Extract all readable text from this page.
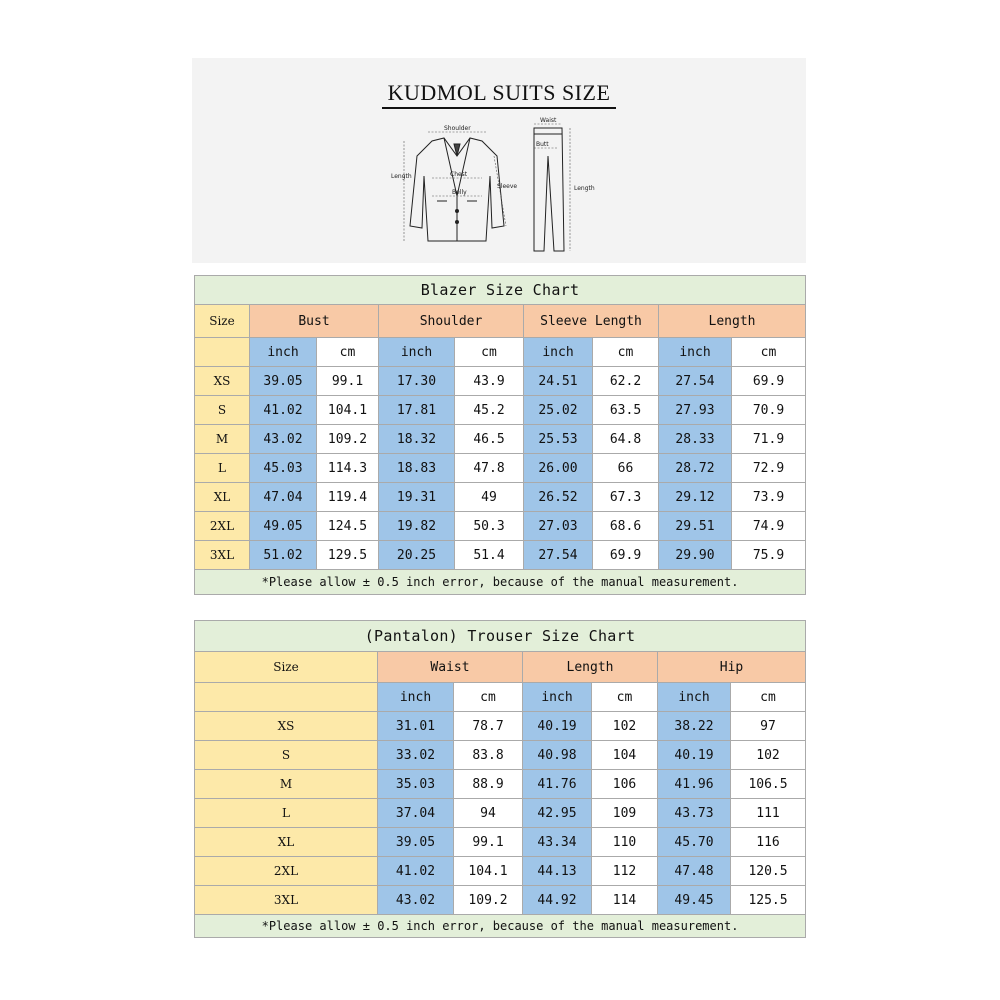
KUDMOL SUITS SIZE
Shoulder
Length	Chest
Sleeve
Belly
Waist
Butt
Length
Blazer Size Chart								

Size	Bust		Shoulder		Sleeve Length		Length	
	inch	cm	inch	cm	inch	cm	inch	cm
XS	39.05	99.1	17.30	43.9	24.51	62.2	27.54	69.9
S	41.02	104.1	17.81	45.2	25.02	63.5	27.93	70.9
M	43.02	109.2	18.32	46.5	25.53	64.8	28.33	71.9
L	45.03	114.3	18.83	47.8	26.00	66	28.72	72.9
XL	47.04	119.4	19.31	49	26.52	67.3	29.12	73.9
2XL	49.05	124.5	19.82	50.3	27.03	68.6	29.51	74.9
3XL	51.02	129.5	20.25	51.4	27.54	69.9	29.90	75.9
*Please allow ± 0.5 inch error, because of the manual measurement.								
(Pantalon) Trouser Size Chart						
Size	Waist		Length		Hip	
	inch	cm	inch	cm	inch	cm
XS	31.01	78.7	40.19	102	38.22	97
S	33.02	83.8	40.98	104	40.19	102
M	35.03	88.9	41.76	106	41.96	106.5
L	37.04	94	42.95	109	43.73	111
XL	39.05	99.1	43.34	110	45.70	116
2XL	41.02	104.1	44.13	112	47.48	120.5
3XL	43.02	109.2	44.92	114	49.45	125.5
*Please allow ± 0.5 inch error, because of the manual measurement.						
